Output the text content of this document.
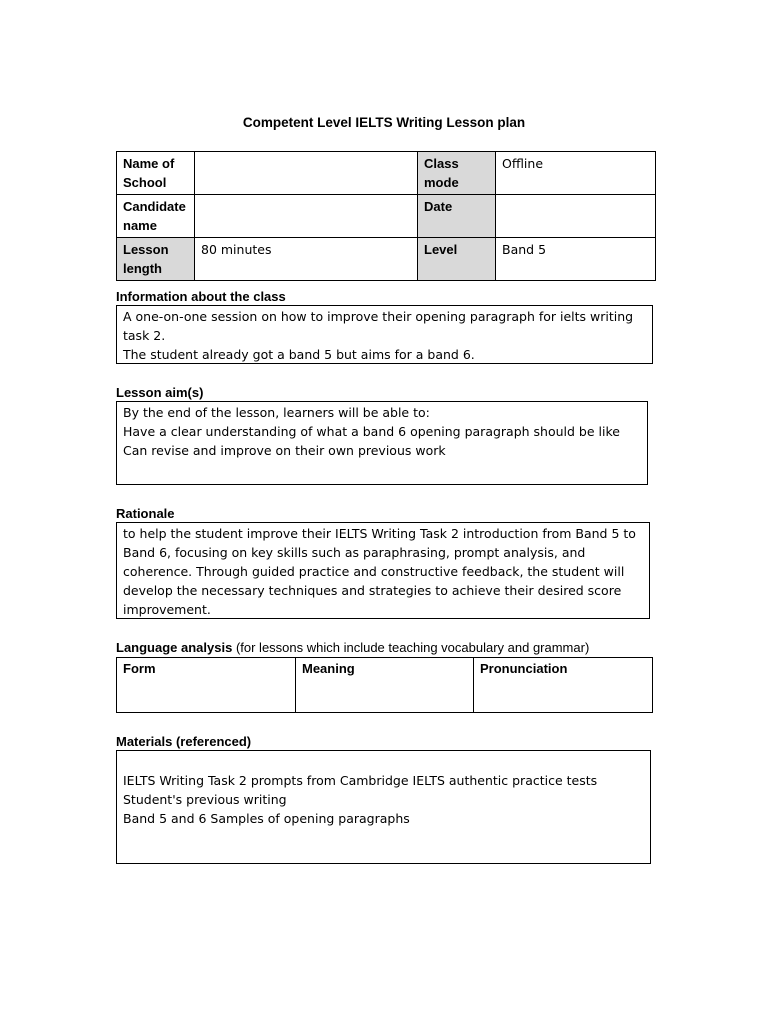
Competent Level IELTS Writing Lesson plan
Name of School		Class mode	Offline
Candidate name		Date	
Lesson length	80 minutes	Level	Band 5
Information about the class
A one-on-one session on how to improve their opening paragraph for ielts writing task 2.
The student already got a band 5 but aims for a band 6.
Lesson aim(s)
By the end of the lesson, learners will be able to:
Have a clear understanding of what a band 6 opening paragraph should be like
Can revise and improve on their own previous work
Rationale
to help the student improve their IELTS Writing Task 2 introduction from Band 5 to Band 6, focusing on key skills such as paraphrasing, prompt analysis, and coherence. Through guided practice and constructive feedback, the student will develop the necessary techniques and strategies to achieve their desired score improvement.
Language analysis (for lessons which include teaching vocabulary and grammar)
Form	Meaning	Pronunciation
Materials (referenced)
IELTS Writing Task 2 prompts from Cambridge IELTS authentic practice tests
Student's previous writing
Band 5 and 6 Samples of opening paragraphs
